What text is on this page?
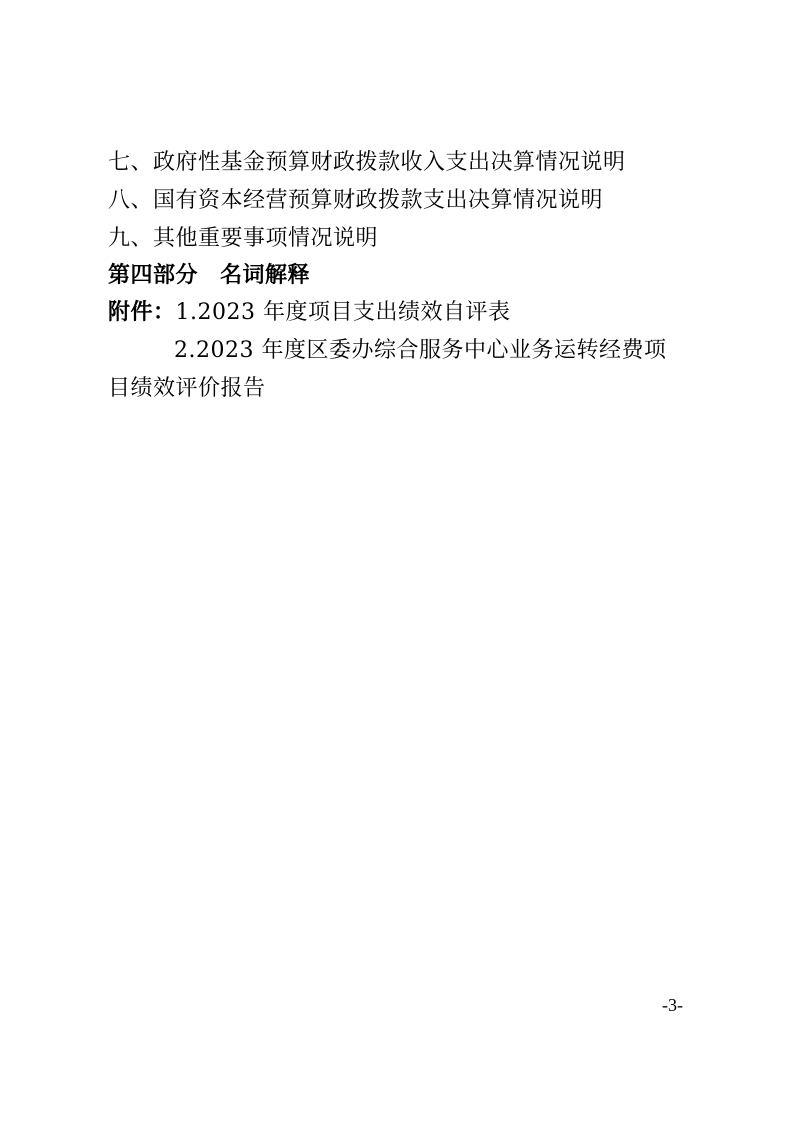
七、政府性基金预算财政拨款收入支出决算情况说明
八、国有资本经营预算财政拨款支出决算情况说明
九、其他重要事项情况说明
第四部分 名词解释
附件：1.2023 年度项目支出绩效自评表
2.2023 年度区委办综合服务中心业务运转经费项
目绩效评价报告
-3-
